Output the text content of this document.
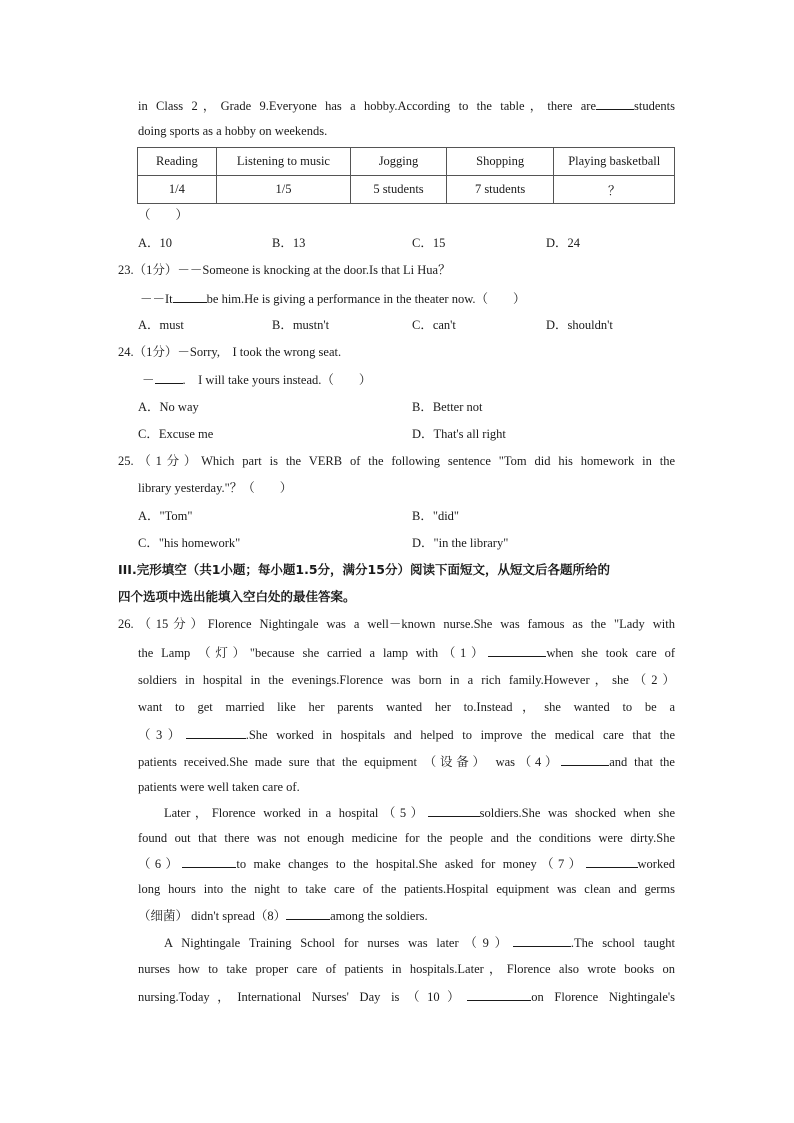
in Class 2，Grade 9.Everyone has a hobby.According to the table，there are	students
doing sports as a hobby on weekends.
Reading	Listening to music	Jogging	Shopping	Playing basketball
1/4	1/5	5 students	7 students	？
（　　）
A．10	B．13	C．15	D．24
23.（1分）－－Someone is knocking at the door.Is that Li Hua？
－－It	be him.He is giving a performance in the theater now.（　　）
A．must	B．mustn't	C．can't	D．shouldn't
24.（1分）－Sorry,　I took the wrong seat.
－ .　I will take yours instead.（　　）
A．No way	B．Better not
C．Excuse me	D．That's all right
25.（1分）Which part is the VERB of the following sentence "Tom did his homework in the
library yesterday."？（　　）
A．"Tom"	B．"did"
C．"his homework"	D．"in the library"
III.完形填空（共1小题；每小题1.5分，满分15分）阅读下面短文，从短文后各题所给的
四个选项中选出能填入空白处的最佳答案。
26.（15分）Florence Nightingale was a well－known nurse.She was famous as the "Lady with
the Lamp （灯）"because she carried a lamp with（1）	when she took care of
soldiers in hospital in the evenings.Florence was born in a rich family.However，she（2）
want to get married like her parents wanted her to.Instead，she wanted to be a
（3）	.She worked in hospitals and helped to improve the medical care that the
patients received.She made sure that the equipment （设备） was（4）	and that the
patients were well taken care of.
Later，Florence worked in a hospital（5）	soldiers.She was shocked when she
found out that there was not enough medicine for the people and the conditions were dirty.She
（6）	to make changes to the hospital.She asked for money（7）	worked
long hours into the night to take care of the patients.Hospital equipment was clean and germs
（细菌） didn't spread（8）	among the soldiers.
A Nightingale Training School for nurses was later（9）	.The school taught
nurses how to take proper care of patients in hospitals.Later，Florence also wrote books on
nursing.Today，International Nurses' Day is（10）	on Florence Nightingale's
